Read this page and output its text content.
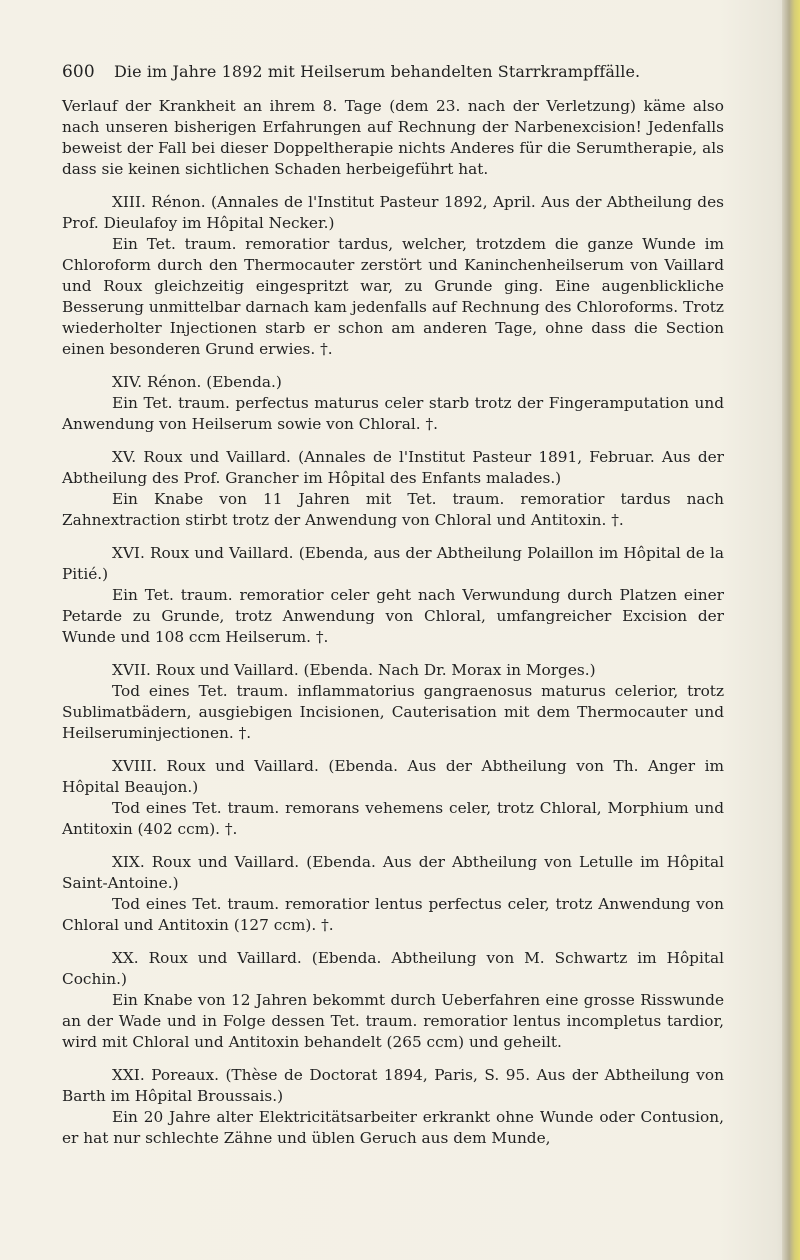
600 Die im Jahre 1892 mit Heilserum behandelten Starrkrampffälle.

Verlauf der Krankheit an ihrem 8. Tage (dem 23. nach der Verletzung) käme also nach unseren bisherigen Erfahrungen auf Rechnung der Narbenexcision! Jedenfalls beweist der Fall bei dieser Doppeltherapie nichts Anderes für die Serumtherapie, als dass sie keinen sichtlichen Schaden herbeigeführt hat.

XIII. Rénon. (Annales de l'Institut Pasteur 1892, April. Aus der Abtheilung des Prof. Dieulafoy im Hôpital Necker.)

Ein Tet. traum. remoratior tardus, welcher, trotzdem die ganze Wunde im Chloroform durch den Thermocauter zerstört und Kaninchenheilserum von Vaillard und Roux gleichzeitig eingespritzt war, zu Grunde ging. Eine augenblickliche Besserung unmittelbar darnach kam jedenfalls auf Rechnung des Chloroforms. Trotz wiederholter Injectionen starb er schon am anderen Tage, ohne dass die Section einen besonderen Grund erwies. †.

XIV. Rénon. (Ebenda.)

Ein Tet. traum. perfectus maturus celer starb trotz der Fingeramputation und Anwendung von Heilserum sowie von Chloral. †.

XV. Roux und Vaillard. (Annales de l'Institut Pasteur 1891, Februar. Aus der Abtheilung des Prof. Grancher im Hôpital des Enfants malades.)

Ein Knabe von 11 Jahren mit Tet. traum. remoratior tardus nach Zahnextraction stirbt trotz der Anwendung von Chloral und Antitoxin. †.

XVI. Roux und Vaillard. (Ebenda, aus der Abtheilung Polaillon im Hôpital de la Pitié.)

Ein Tet. traum. remoratior celer geht nach Verwundung durch Platzen einer Petarde zu Grunde, trotz Anwendung von Chloral, umfangreicher Excision der Wunde und 108 ccm Heilserum. †.

XVII. Roux und Vaillard. (Ebenda. Nach Dr. Morax in Morges.)

Tod eines Tet. traum. inflammatorius gangraenosus maturus celerior, trotz Sublimatbädern, ausgiebigen Incisionen, Cauterisation mit dem Thermocauter und Heilseruminjectionen. †.

XVIII. Roux und Vaillard. (Ebenda. Aus der Abtheilung von Th. Anger im Hôpital Beaujon.)

Tod eines Tet. traum. remorans vehemens celer, trotz Chloral, Morphium und Antitoxin (402 ccm). †.

XIX. Roux und Vaillard. (Ebenda. Aus der Abtheilung von Letulle im Hôpital Saint-Antoine.)

Tod eines Tet. traum. remoratior lentus perfectus celer, trotz Anwendung von Chloral und Antitoxin (127 ccm). †.

XX. Roux und Vaillard. (Ebenda. Abtheilung von M. Schwartz im Hôpital Cochin.)

Ein Knabe von 12 Jahren bekommt durch Ueberfahren eine grosse Risswunde an der Wade und in Folge dessen Tet. traum. remoratior lentus incompletus tardior, wird mit Chloral und Antitoxin behandelt (265 ccm) und geheilt.

XXI. Poreaux. (Thèse de Doctorat 1894, Paris, S. 95. Aus der Abtheilung von Barth im Hôpital Broussais.)

Ein 20 Jahre alter Elektricitätsarbeiter erkrankt ohne Wunde oder Contusion, er hat nur schlechte Zähne und üblen Geruch aus dem Munde,
